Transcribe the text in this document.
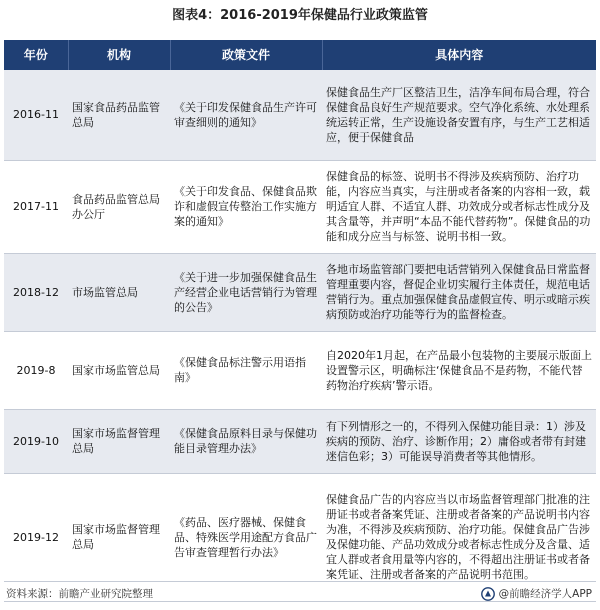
图表4：2016-2019年保健品行业政策监管
年份	机构	政策文件	具体内容
2016-11	国家食品药品监管总局	《关于印发保健食品生产许可审查细则的通知》	保健食品生产厂区整洁卫生，洁净车间布局合理，符合保健食品良好生产规范要求。空气净化系统、水处理系统运转正常，生产设施设备安置有序，与生产工艺相适应，便于保健食品
2017-11	食品药品监管总局办公厅	《关于印发食品、保健食品欺诈和虚假宣传整治工作实施方案的通知》	保健食品的标签、说明书不得涉及疾病预防、治疗功能，内容应当真实，与注册或者备案的内容相一致，载明适宜人群、不适宜人群、功效成分或者标志性成分及其含量等，并声明“本品不能代替药物”。保健食品的功能和成分应当与标签、说明书相一致。
2018-12	市场监管总局	《关于进一步加强保健食品生产经营企业电话营销行为管理的公告》	各地市场监管部门要把电话营销列入保健食品日常监督管理重要内容，督促企业切实履行主体责任，规范电话营销行为。重点加强保健食品虚假宣传、明示或暗示疾病预防或治疗功能等行为的监督检查。
2019-8	国家市场监管总局	《保健食品标注警示用语指南》	自2020年1月起，在产品最小包装物的主要展示版面上设置警示区，明确标注‘保健食品不是药物，不能代替药物治疗疾病’警示语。
2019-10	国家市场监督管理总局	《保健食品原料目录与保健功能目录管理办法》	有下列情形之一的，不得列入保健功能目录：1）涉及疾病的预防、治疗、诊断作用；2）庸俗或者带有封建迷信色彩；3）可能误导消费者等其他情形。
2019-12	国家市场监督管理总局	《药品、医疗器械、保健食品、特殊医学用途配方食品广告审查管理暂行办法》	保健食品广告的内容应当以市场监督管理部门批准的注册证书或者备案凭证、注册或者备案的产品说明书内容为准，不得涉及疾病预防、治疗功能。保健食品广告涉及保健功能、产品功效成分或者标志性成分及含量、适宜人群或者食用量等内容的，不得超出注册证书或者备案凭证、注册或者备案的产品说明书范围。
资料来源：前瞻产业研究院整理	@前瞻经济学人APP
